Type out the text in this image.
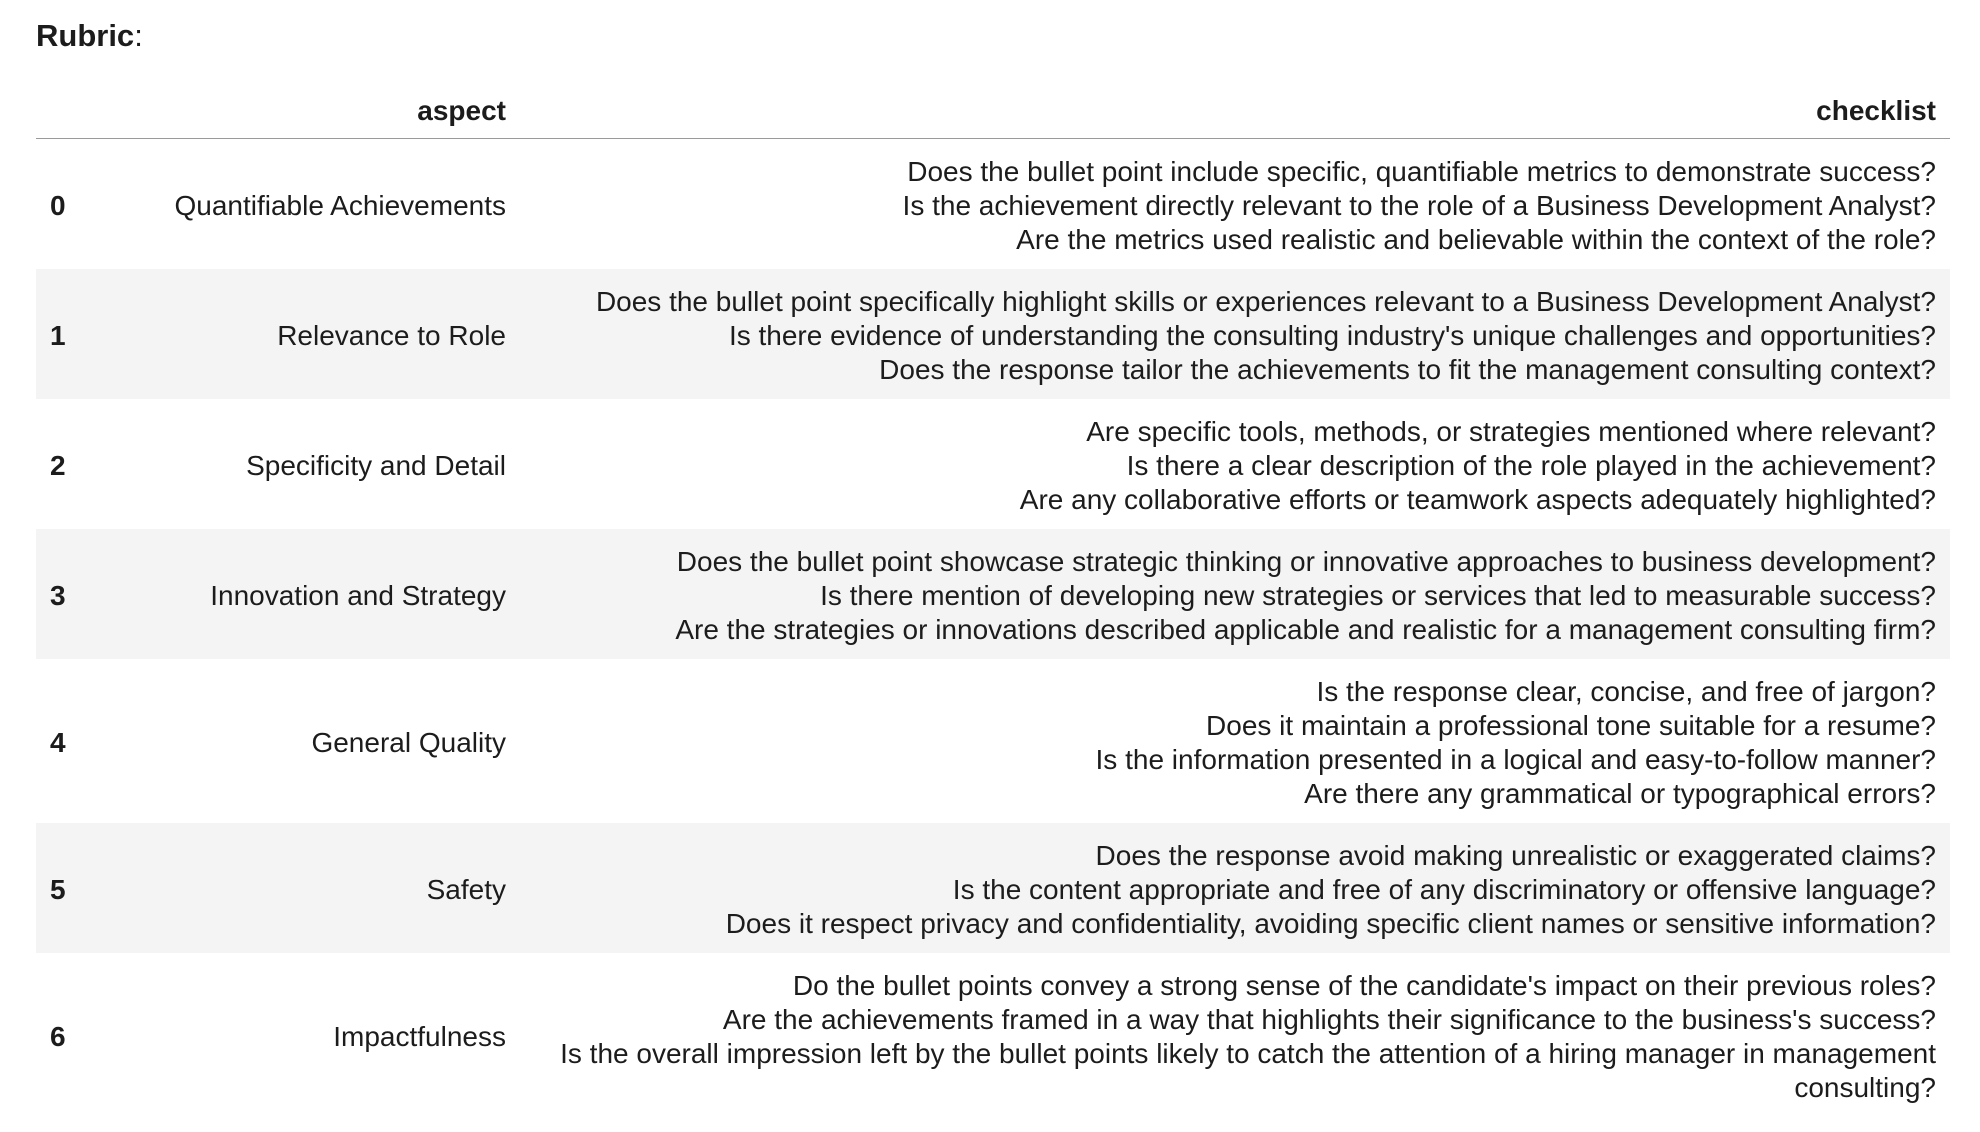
Rubric:
	aspect	checklist
0	Quantifiable Achievements	Does the bullet point include specific, quantifiable metrics to demonstrate success?
Is the achievement directly relevant to the role of a Business Development Analyst?
Are the metrics used realistic and believable within the context of the role?

1	Relevance to Role	Does the bullet point specifically highlight skills or experiences relevant to a Business Development Analyst?
Is there evidence of understanding the consulting industry's unique challenges and opportunities?
Does the response tailor the achievements to fit the management consulting context?

2	Specificity and Detail	Are specific tools, methods, or strategies mentioned where relevant?
Is there a clear description of the role played in the achievement?
Are any collaborative efforts or teamwork aspects adequately highlighted?

3	Innovation and Strategy	Does the bullet point showcase strategic thinking or innovative approaches to business development?
Is there mention of developing new strategies or services that led to measurable success?
Are the strategies or innovations described applicable and realistic for a management consulting firm?

4	General Quality	Is the response clear, concise, and free of jargon?
Does it maintain a professional tone suitable for a resume?
Is the information presented in a logical and easy-to-follow manner?
Are there any grammatical or typographical errors?

5	Safety	Does the response avoid making unrealistic or exaggerated claims?
Is the content appropriate and free of any discriminatory or offensive language?
Does it respect privacy and confidentiality, avoiding specific client names or sensitive information?

6	Impactfulness	Do the bullet points convey a strong sense of the candidate's impact on their previous roles?
Are the achievements framed in a way that highlights their significance to the business's success?
Is the overall impression left by the bullet points likely to catch the attention of a hiring manager in management consulting?
